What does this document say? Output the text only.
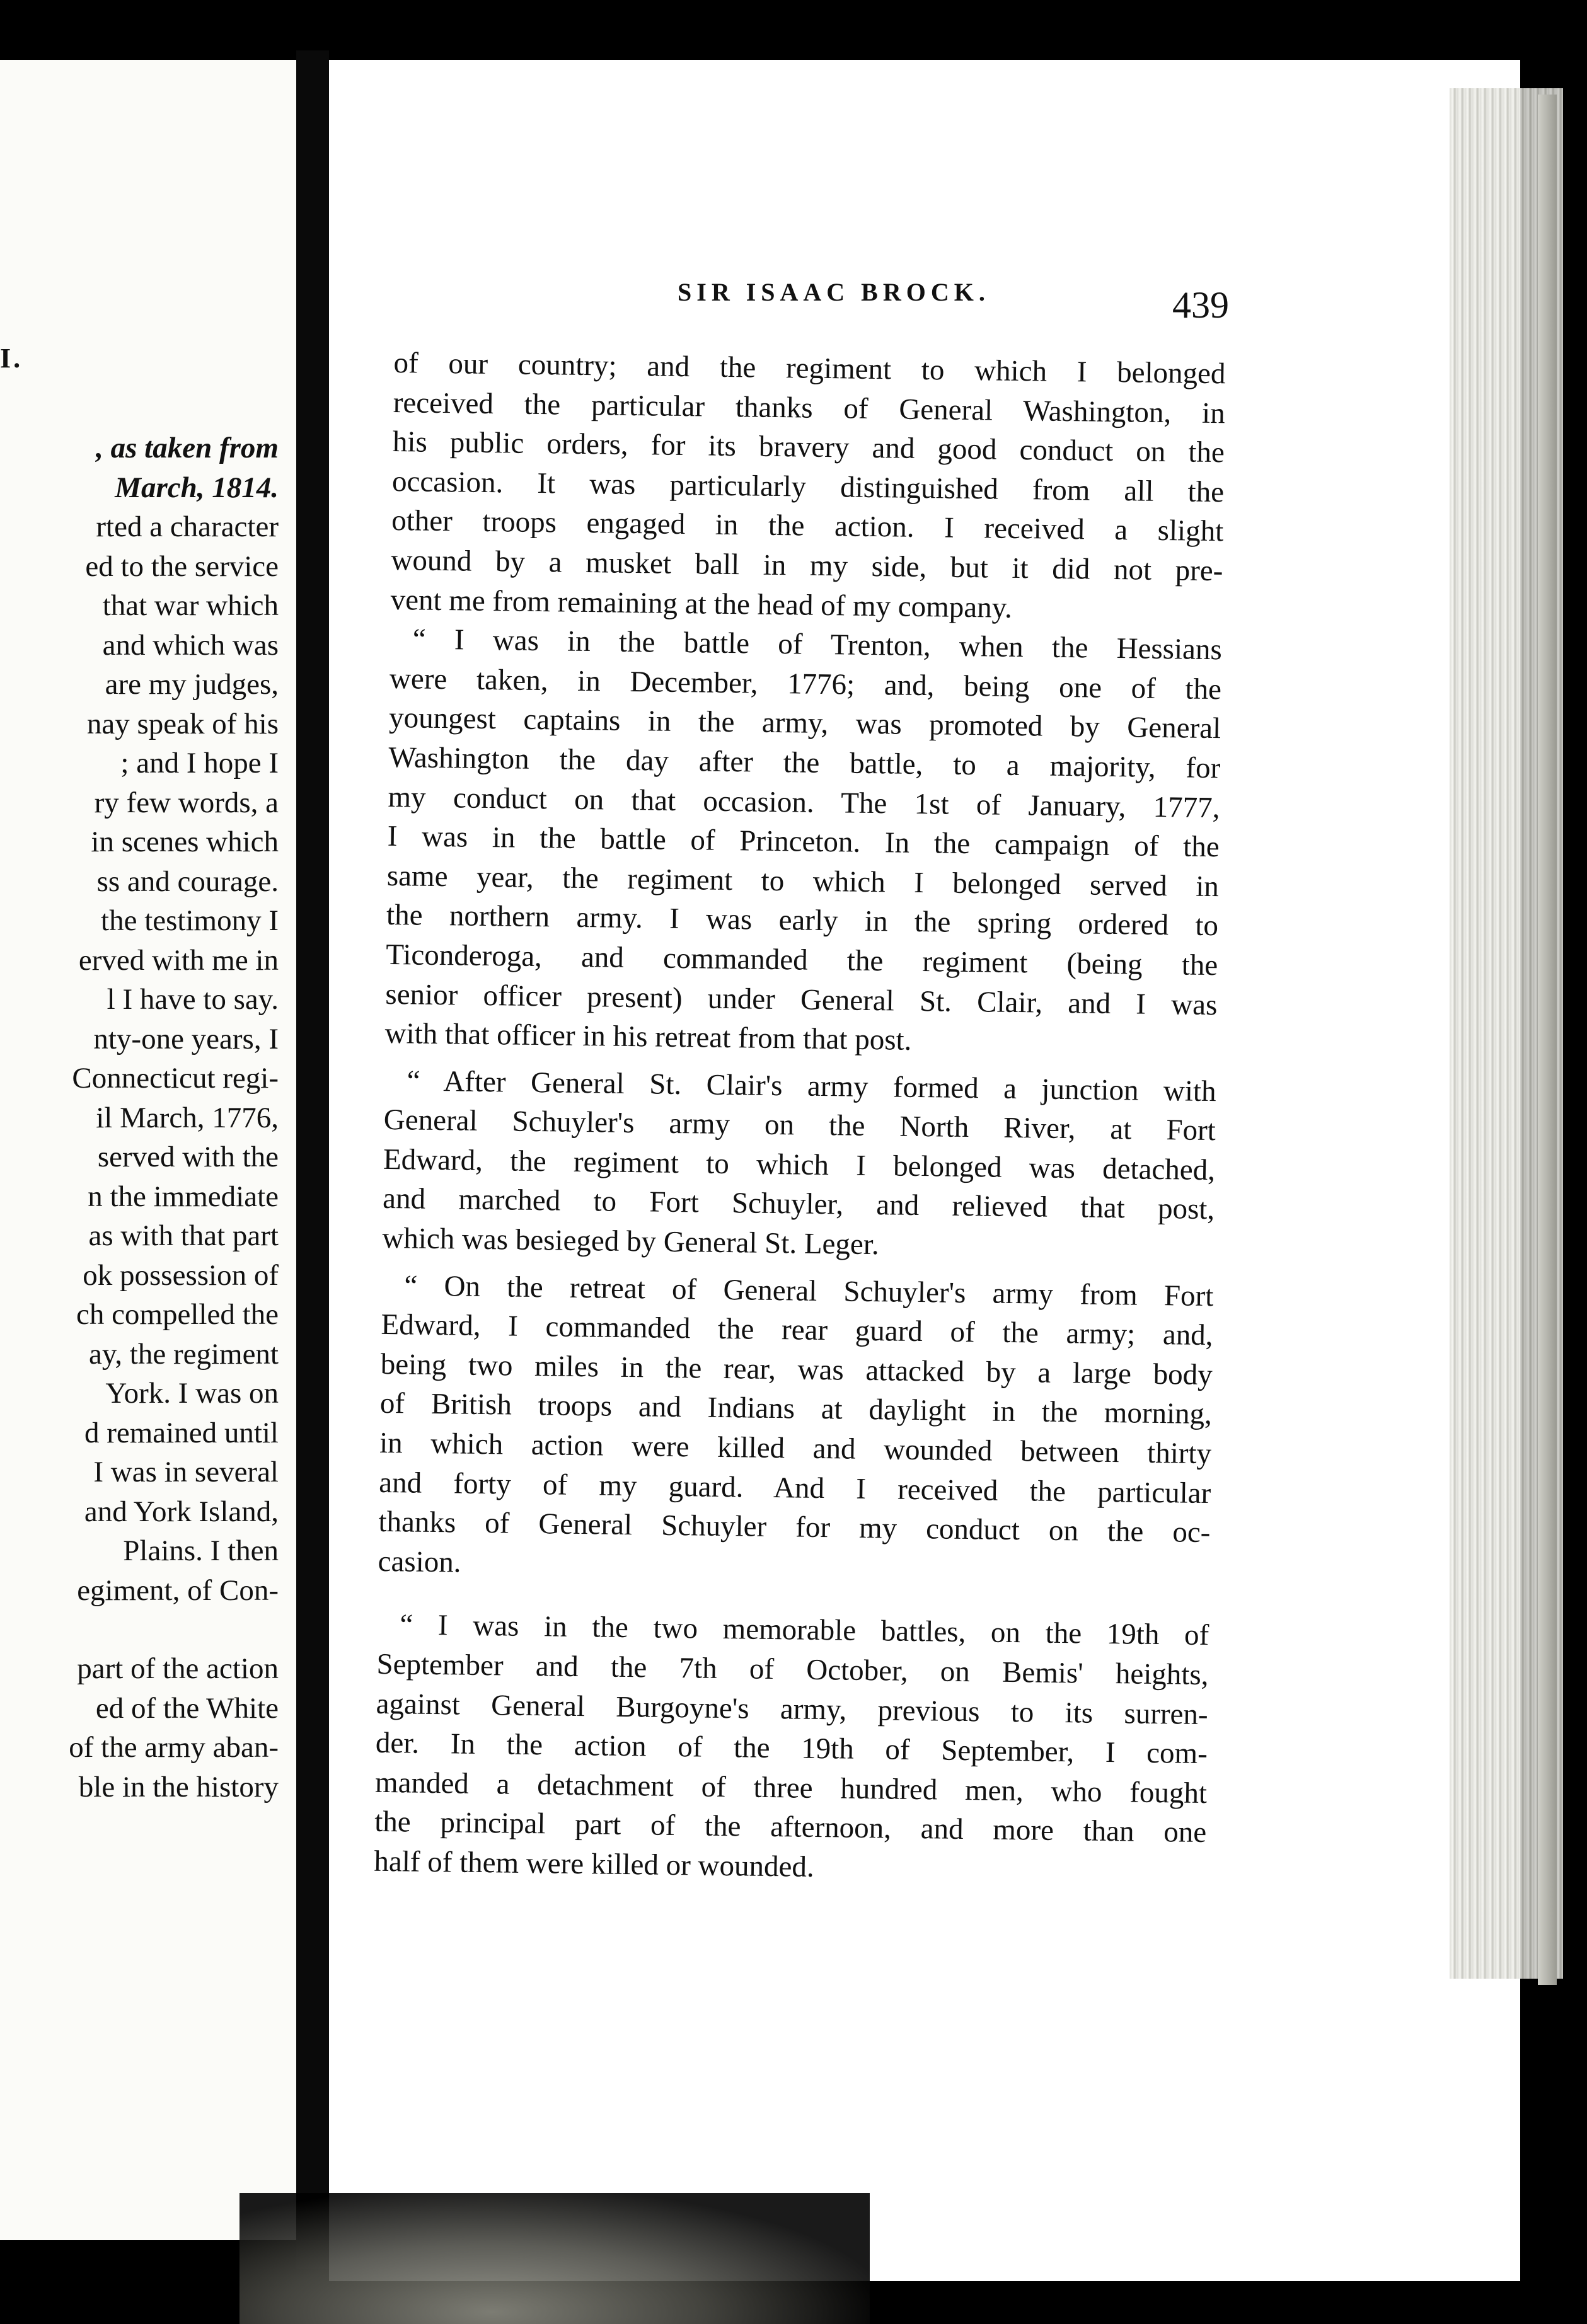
I.
, as taken from
March, 1814.
rted a character
ed to the service
that war which
and which was
are my judges,
nay speak of his
; and I hope I
ry few words, a
in scenes which
ss and courage.
the testimony I
erved with me in
l I have to say.
nty-one years, I
Connecticut regi-
il March, 1776,
served with the
n the immediate
as with that part
ok possession of
ch compelled the
ay, the regiment
York. I was on
d remained until
I was in several
and York Island,
Plains. I then
egiment, of Con-
part of the action
ed of the White
of the army aban-
ble in the history
SIR ISAAC BROCK.	439
of our country; and the regiment to which I belonged
received the particular thanks of General Washington, in
his public orders, for its bravery and good conduct on the
occasion. It was particularly distinguished from all the
other troops engaged in the action. I received a slight
wound by a musket ball in my side, but it did not pre-
vent me from remaining at the head of my company.
“ I was in the battle of Trenton, when the Hessians
were taken, in December, 1776; and, being one of the
youngest captains in the army, was promoted by General
Washington the day after the battle, to a majority, for
my conduct on that occasion. The 1st of January, 1777,
I was in the battle of Princeton. In the campaign of the
same year, the regiment to which I belonged served in
the northern army. I was early in the spring ordered to
Ticonderoga, and commanded the regiment (being the
senior officer present) under General St. Clair, and I was
with that officer in his retreat from that post.
“ After General St. Clair's army formed a junction with
General Schuyler's army on the North River, at Fort
Edward, the regiment to which I belonged was detached,
and marched to Fort Schuyler, and relieved that post,
which was besieged by General St. Leger.
“ On the retreat of General Schuyler's army from Fort
Edward, I commanded the rear guard of the army; and,
being two miles in the rear, was attacked by a large body
of British troops and Indians at daylight in the morning,
in which action were killed and wounded between thirty
and forty of my guard. And I received the particular
thanks of General Schuyler for my conduct on the oc-
casion.
“ I was in the two memorable battles, on the 19th of
September and the 7th of October, on Bemis' heights,
against General Burgoyne's army, previous to its surren-
der. In the action of the 19th of September, I com-
manded a detachment of three hundred men, who fought
the principal part of the afternoon, and more than one
half of them were killed or wounded.
